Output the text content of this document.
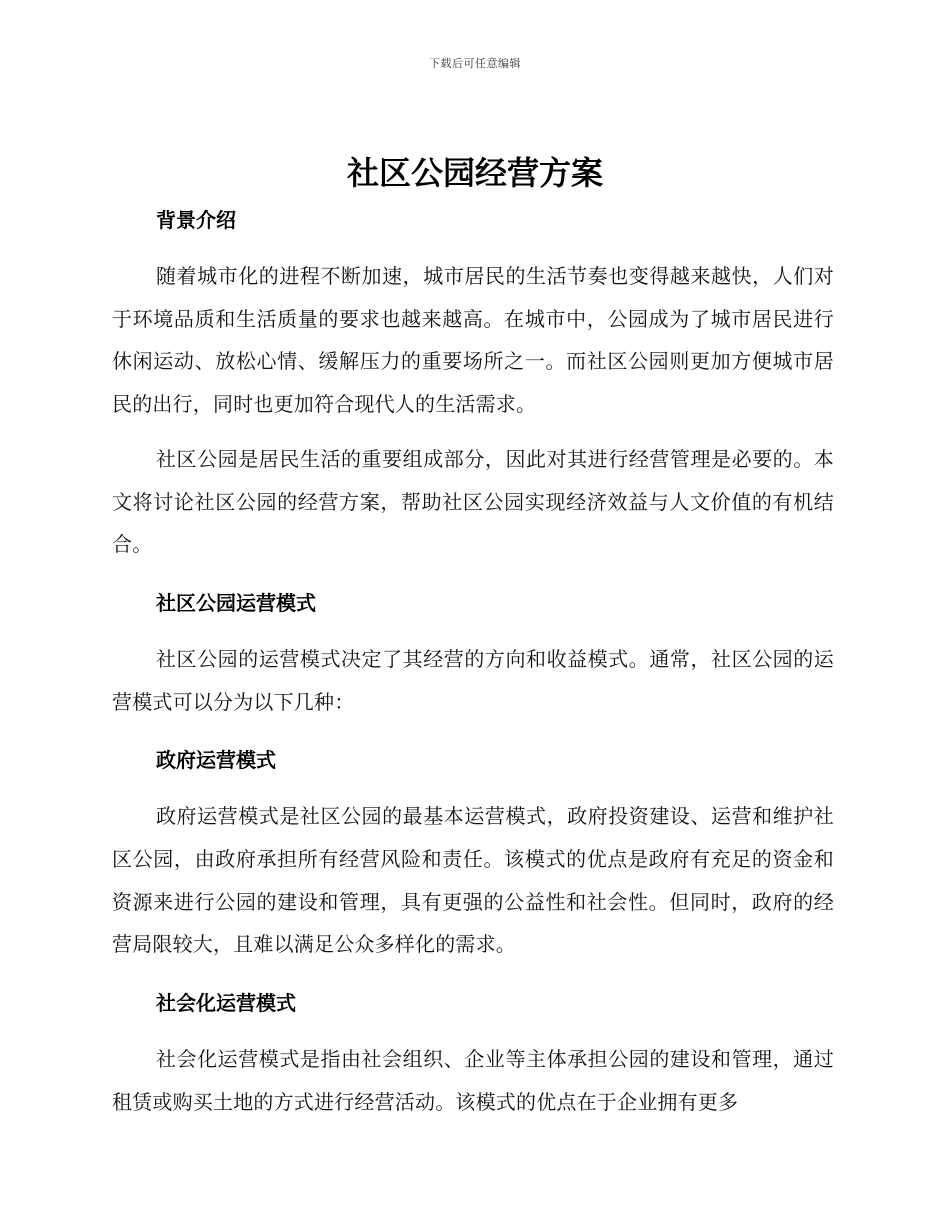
下载后可任意编辑
社区公园经营方案
背景介绍

随着城市化的进程不断加速，城市居民的生活节奏也变得越来越快，人们对于环境品质和生活质量的要求也越来越高。在城市中，公园成为了城市居民进行休闲运动、放松心情、缓解压力的重要场所之一。而社区公园则更加方便城市居民的出行，同时也更加符合现代人的生活需求。

社区公园是居民生活的重要组成部分，因此对其进行经营管理是必要的。本文将讨论社区公园的经营方案，帮助社区公园实现经济效益与人文价值的有机结合。

社区公园运营模式

社区公园的运营模式决定了其经营的方向和收益模式。通常，社区公园的运营模式可以分为以下几种：

政府运营模式

政府运营模式是社区公园的最基本运营模式，政府投资建设、运营和维护社区公园，由政府承担所有经营风险和责任。该模式的优点是政府有充足的资金和资源来进行公园的建设和管理，具有更强的公益性和社会性。但同时，政府的经营局限较大，且难以满足公众多样化的需求。

社会化运营模式

社会化运营模式是指由社会组织、企业等主体承担公园的建设和管理，通过租赁或购买土地的方式进行经营活动。该模式的优点在于企业拥有更多
